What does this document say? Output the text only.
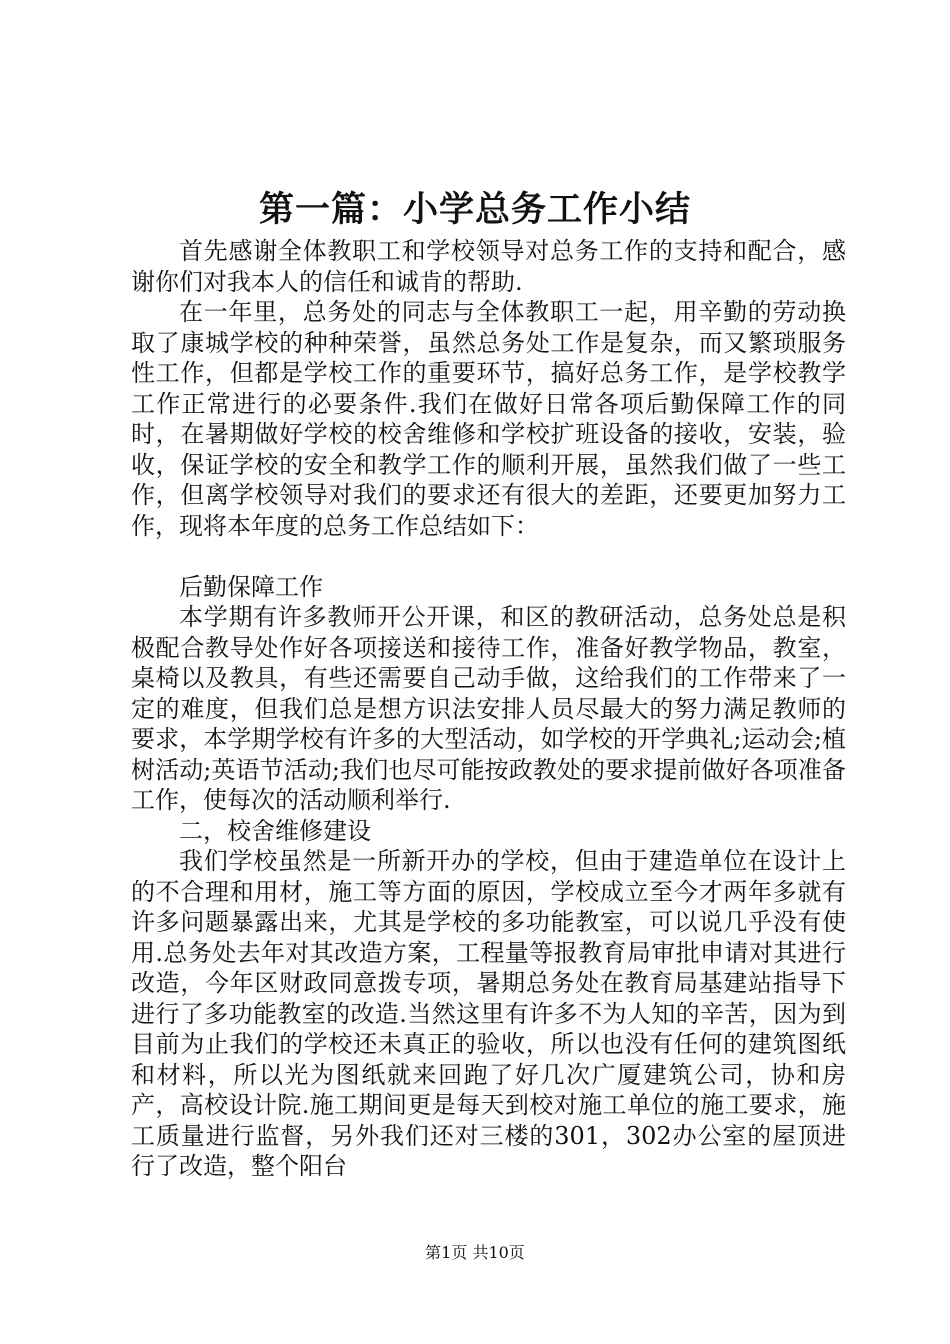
第一篇：小学总务工作小结

首先感谢全体教职工和学校领导对总务工作的支持和配合，感谢你们对我本人的信任和诚肯的帮助.

在一年里，总务处的同志与全体教职工一起，用辛勤的劳动换取了康城学校的种种荣誉，虽然总务处工作是复杂，而又繁琐服务性工作，但都是学校工作的重要环节，搞好总务工作，是学校教学工作正常进行的必要条件.我们在做好日常各项后勤保障工作的同时，在暑期做好学校的校舍维修和学校扩班设备的接收，安装，验收，保证学校的安全和教学工作的顺利开展，虽然我们做了一些工作，但离学校领导对我们的要求还有很大的差距，还要更加努力工作，现将本年度的总务工作总结如下：

后勤保障工作

本学期有许多教师开公开课，和区的教研活动，总务处总是积极配合教导处作好各项接送和接待工作，准备好教学物品，教室，桌椅以及教具，有些还需要自己动手做，这给我们的工作带来了一定的难度，但我们总是想方识法安排人员尽最大的努力满足教师的要求，本学期学校有许多的大型活动，如学校的开学典礼;运动会;植树活动;英语节活动;我们也尽可能按政教处的要求提前做好各项准备工作，使每次的活动顺利举行.

二，校舍维修建设

我们学校虽然是一所新开办的学校，但由于建造单位在设计上的不合理和用材，施工等方面的原因，学校成立至今才两年多就有许多问题暴露出来，尤其是学校的多功能教室，可以说几乎没有使用.总务处去年对其改造方案，工程量等报教育局审批申请对其进行改造，今年区财政同意拨专项，暑期总务处在教育局基建站指导下进行了多功能教室的改造.当然这里有许多不为人知的辛苦，因为到目前为止我们的学校还未真正的验收，所以也没有任何的建筑图纸和材料，所以光为图纸就来回跑了好几次广厦建筑公司，协和房产，高校设计院.施工期间更是每天到校对施工单位的施工要求，施工质量进行监督，另外我们还对三楼的301，302办公室的屋顶进行了改造，整个阳台

第1页 共10页
